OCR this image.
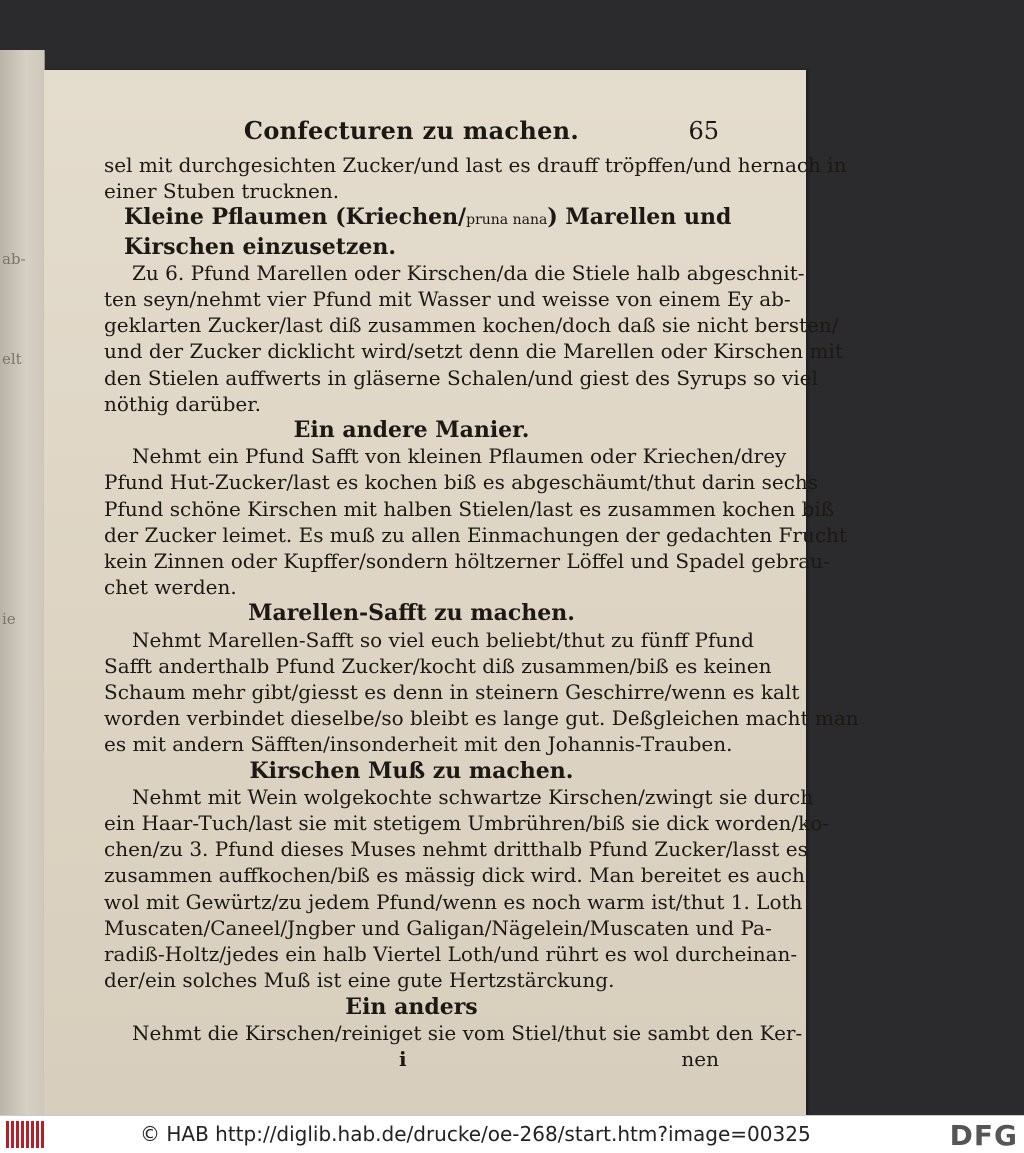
ab-
elt
ie
Confecturen zu machen.	65
sel mit durchgesichten Zucker/und last es drauff tröpffen/und hernach in
einer Stuben trucknen.
Kleine Pflaumen (Kriechen/pruna nana) Marellen und
Kirschen einzusetzen.
Zu 6. Pfund Marellen oder Kirschen/da die Stiele halb abgeschnit-
ten seyn/nehmt vier Pfund mit Wasser und weisse von einem Ey ab-
geklarten Zucker/last diß zusammen kochen/doch daß sie nicht bersten/
und der Zucker dicklicht wird/setzt denn die Marellen oder Kirschen mit
den Stielen auffwerts in gläserne Schalen/und giest des Syrups so viel
nöthig darüber.
Ein andere Manier.
Nehmt ein Pfund Safft von kleinen Pflaumen oder Kriechen/drey
Pfund Hut-Zucker/last es kochen biß es abgeschäumt/thut darin sechs
Pfund schöne Kirschen mit halben Stielen/last es zusammen kochen biß
der Zucker leimet. Es muß zu allen Einmachungen der gedachten Frucht
kein Zinnen oder Kupffer/sondern höltzerner Löffel und Spadel gebrau-
chet werden.
Marellen-Safft zu machen.
Nehmt Marellen-Safft so viel euch beliebt/thut zu fünff Pfund
Safft anderthalb Pfund Zucker/kocht diß zusammen/biß es keinen
Schaum mehr gibt/giesst es denn in steinern Geschirre/wenn es kalt
worden verbindet dieselbe/so bleibt es lange gut. Deßgleichen macht man
es mit andern Säfften/insonderheit mit den Johannis-Trauben.
Kirschen Muß zu machen.
Nehmt mit Wein wolgekochte schwartze Kirschen/zwingt sie durch
ein Haar-Tuch/last sie mit stetigem Umbrühren/biß sie dick worden/ko-
chen/zu 3. Pfund dieses Muses nehmt dritthalb Pfund Zucker/lasst es
zusammen auffkochen/biß es mässig dick wird. Man bereitet es auch
wol mit Gewürtz/zu jedem Pfund/wenn es noch warm ist/thut 1. Loth
Muscaten/Caneel/Jngber und Galigan/Nägelein/Muscaten und Pa-
radiß-Holtz/jedes ein halb Viertel Loth/und rührt es wol durcheinan-
der/ein solches Muß ist eine gute Hertzstärckung.
Ein anders
Nehmt die Kirschen/reiniget sie vom Stiel/thut sie sambt den Ker-
i	nen
© HAB http://diglib.hab.de/drucke/oe-268/start.htm?image=00325	DFG
